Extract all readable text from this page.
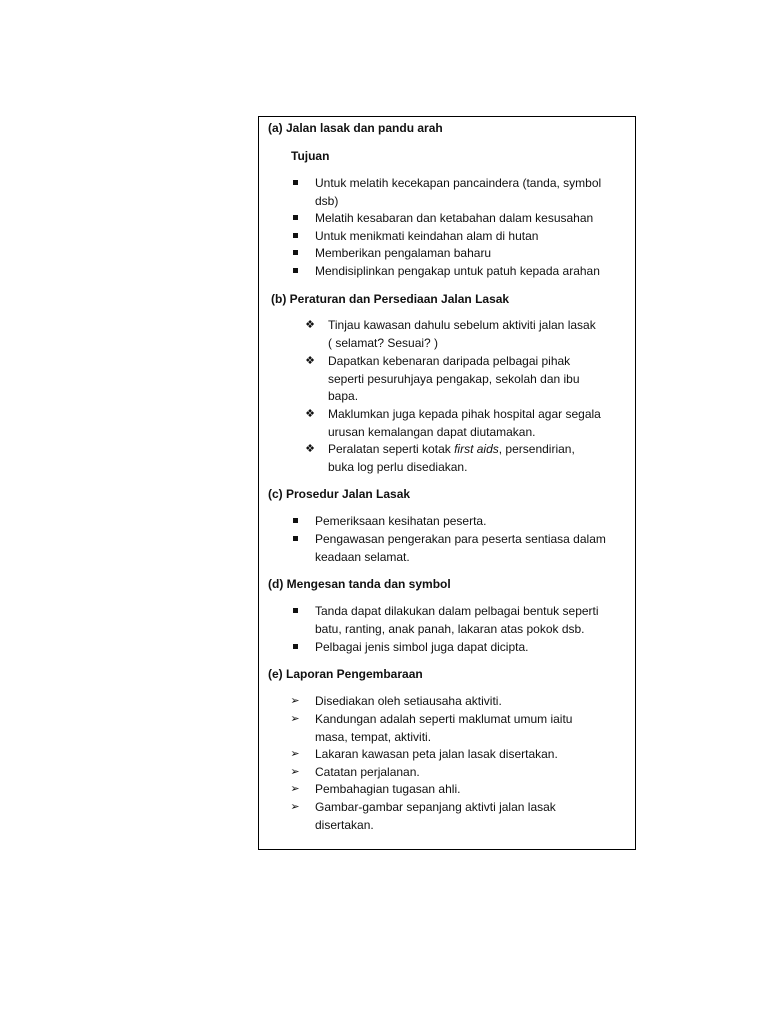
(a) Jalan lasak dan pandu arah
Tujuan
Untuk melatih kecekapan pancaindera (tanda, symbol
dsb)
Melatih kesabaran dan ketabahan dalam kesusahan
Untuk menikmati keindahan alam di hutan
Memberikan pengalaman baharu
Mendisiplinkan pengakap untuk patuh kepada arahan
(b) Peraturan dan Persediaan Jalan Lasak
❖ Tinjau kawasan dahulu sebelum aktiviti jalan lasak
( selamat? Sesuai? )
❖ Dapatkan kebenaran daripada pelbagai pihak
seperti pesuruhjaya pengakap, sekolah dan ibu
bapa.
❖ Maklumkan juga kepada pihak hospital agar segala
urusan kemalangan dapat diutamakan.
❖ Peralatan seperti kotak first aids, persendirian,
buka log perlu disediakan.
(c) Prosedur Jalan Lasak
Pemeriksaan kesihatan peserta.
Pengawasan pengerakan para peserta sentiasa dalam
keadaan selamat.
(d) Mengesan tanda dan symbol
Tanda dapat dilakukan dalam pelbagai bentuk seperti
batu, ranting, anak panah, lakaran atas pokok dsb.
Pelbagai jenis simbol juga dapat dicipta.
(e) Laporan Pengembaraan
➢ Disediakan oleh setiausaha aktiviti.
➢ Kandungan adalah seperti maklumat umum iaitu
masa, tempat, aktiviti.
➢ Lakaran kawasan peta jalan lasak disertakan.
➢ Catatan perjalanan.
➢ Pembahagian tugasan ahli.
➢ Gambar-gambar sepanjang aktivti jalan lasak
disertakan.
